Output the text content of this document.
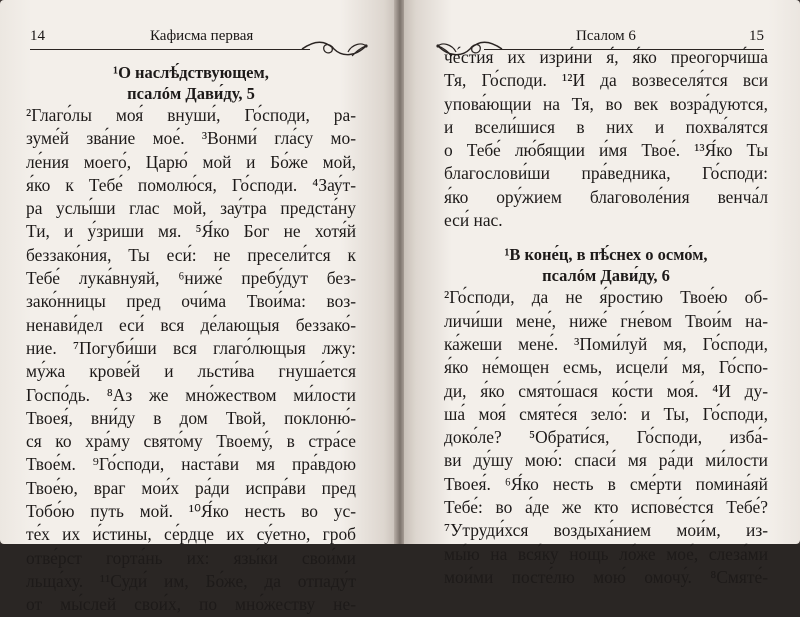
14	Кафисма первая
¹О наслѣ́дствующем,
псалóм Дави́ду, 5

²Глаго́лы моя́ внуши́, Го́споди, ра-
зуме́й зва́ние мое́. ³Вонми́ гла́су мо-
ле́ния моего́, Царю́ мой и Бо́же мой,
я́ко к Тебе́ помолю́ся, Го́споди. ⁴Зау́т-
ра услы́ши глас мой, зау́тра предста́ну
Ти, и у́зриши мя. ⁵Я́ко Бог не хотя́й
беззако́ния, Ты еси́: не пресели́тся к
Тебе́ лука́внуяй, ⁶ниже́ пребу́дут без-
зако́нницы пред очи́ма Твои́ма: воз-
ненави́дел еси́ вся де́лающыя беззако́-
ние. ⁷Погуби́ши вся глаго́лющыя лжу:
му́жа крове́й и льсти́ва гнуша́ется
Госпо́дь. ⁸Аз же мно́жеством ми́лости
Твоея́, вни́ду в дом Твой, поклоню́-
ся ко хра́му свято́му Твоему́, в стра́се
Твое́м. ⁹Го́споди, наста́ви мя пра́вдою
Твое́ю, враг мои́х ра́ди испра́ви пред
Тобо́ю путь мой. ¹⁰Я́ко несть во ус-
те́х их и́стины, се́рдце их су́етно, гроб
отве́рст горта́нь их: язы́ки свои́ми
льща́ху. ¹¹Суди́ им, Бо́же, да отпаду́т
от мы́слей свои́х, по мно́жеству не-

Псалом 6	15

че́стия их изри́ни я́, я́ко преогорчи́ша
Тя, Го́споди. ¹²И да возвеселя́тся вси
упова́ющии на Тя, во век возра́дуются,
и всели́шися в них и похва́лятся
о Тебе́ лю́бящии и́мя Твое́. ¹³Я́ко Ты
благослови́ши пра́ведника, Го́споди:
я́ко ору́жием благоволе́ния венча́л
еси́ нас.

¹В коне́ц, в пѣ́снех о осмо́м,
псалóм Дави́ду, 6

²Го́споди, да не я́ростию Твое́ю об-
личи́ши мене́, ниже́ гне́вом Твои́м на-
ка́жеши мене́. ³Поми́луй мя, Го́споди,
я́ко не́мощен есмь, исцели́ мя, Го́спо-
ди, я́ко смято́шася ко́сти моя́. ⁴И ду-
ша́ моя́ смяте́ся зело́: и Ты, Го́споди,
доко́ле? ⁵Обрати́ся, Го́споди, изба́-
ви ду́шу мою́: спаси́ мя ра́ди ми́лости
Твоея́. ⁶Я́ко несть в сме́рти помина́яй
Тебе́: во а́де же кто испове́стся Тебе́?
⁷Утруди́хся воздыха́нием мои́м, из-
мы́ю на вся́ку нощь ло́же мое́, слеза́ми
мои́ми посте́лю мою́ омочу́. ⁸Смяте́-
